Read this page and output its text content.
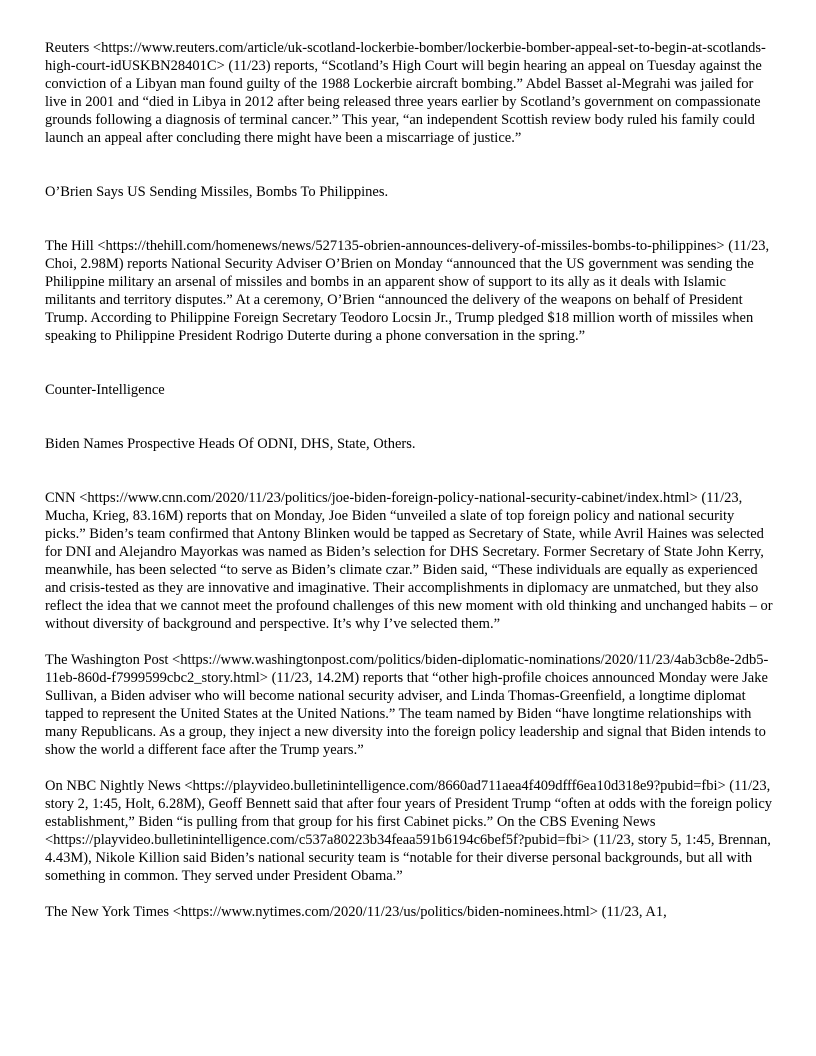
Reuters <https://www.reuters.com/article/uk-scotland-lockerbie-bomber/lockerbie-bomber-appeal-set-to-begin-at-scotlands-high-court-idUSKBN28401C> (11/23) reports, “Scotland’s High Court will begin hearing an appeal on Tuesday against the conviction of a Libyan man found guilty of the 1988 Lockerbie aircraft bombing.” Abdel Basset al-Megrahi was jailed for live in 2001 and “died in Libya in 2012 after being released three years earlier by Scotland’s government on compassionate grounds following a diagnosis of terminal cancer.” This year, “an independent Scottish review body ruled his family could launch an appeal after concluding there might have been a miscarriage of justice.”

O’Brien Says US Sending Missiles, Bombs To Philippines.

The Hill <https://thehill.com/homenews/news/527135-obrien-announces-delivery-of-missiles-bombs-to-philippines> (11/23, Choi, 2.98M) reports National Security Adviser O’Brien on Monday “announced that the US government was sending the Philippine military an arsenal of missiles and bombs in an apparent show of support to its ally as it deals with Islamic militants and territory disputes.” At a ceremony, O’Brien “announced the delivery of the weapons on behalf of President Trump. According to Philippine Foreign Secretary Teodoro Locsin Jr., Trump pledged $18 million worth of missiles when speaking to Philippine President Rodrigo Duterte during a phone conversation in the spring.”

Counter-Intelligence

Biden Names Prospective Heads Of ODNI, DHS, State, Others.

CNN <https://www.cnn.com/2020/11/23/politics/joe-biden-foreign-policy-national-security-cabinet/index.html> (11/23, Mucha, Krieg, 83.16M) reports that on Monday, Joe Biden “unveiled a slate of top foreign policy and national security picks.” Biden’s team confirmed that Antony Blinken would be tapped as Secretary of State, while Avril Haines was selected for DNI and Alejandro Mayorkas was named as Biden’s selection for DHS Secretary. Former Secretary of State John Kerry, meanwhile, has been selected “to serve as Biden’s climate czar.” Biden said, “These individuals are equally as experienced and crisis-tested as they are innovative and imaginative. Their accomplishments in diplomacy are unmatched, but they also reflect the idea that we cannot meet the profound challenges of this new moment with old thinking and unchanged habits – or without diversity of background and perspective. It’s why I’ve selected them.”

The Washington Post <https://www.washingtonpost.com/politics/biden-diplomatic-nominations/2020/11/23/4ab3cb8e-2db5-11eb-860d-f7999599cbc2_story.html> (11/23, 14.2M) reports that “other high-profile choices announced Monday were Jake Sullivan, a Biden adviser who will become national security adviser, and Linda Thomas-Greenfield, a longtime diplomat tapped to represent the United States at the United Nations.” The team named by Biden “have longtime relationships with many Republicans. As a group, they inject a new diversity into the foreign policy leadership and signal that Biden intends to show the world a different face after the Trump years.”

On NBC Nightly News <https://playvideo.bulletinintelligence.com/8660ad711aea4f409dfff6ea10d318e9?pubid=fbi> (11/23, story 2, 1:45, Holt, 6.28M), Geoff Bennett said that after four years of President Trump “often at odds with the foreign policy establishment,” Biden “is pulling from that group for his first Cabinet picks.” On the CBS Evening News <https://playvideo.bulletinintelligence.com/c537a80223b34feaa591b6194c6bef5f?pubid=fbi> (11/23, story 5, 1:45, Brennan, 4.43M), Nikole Killion said Biden’s national security team is “notable for their diverse personal backgrounds, but all with something in common. They served under President Obama.”

The New York Times <https://www.nytimes.com/2020/11/23/us/politics/biden-nominees.html> (11/23, A1,
